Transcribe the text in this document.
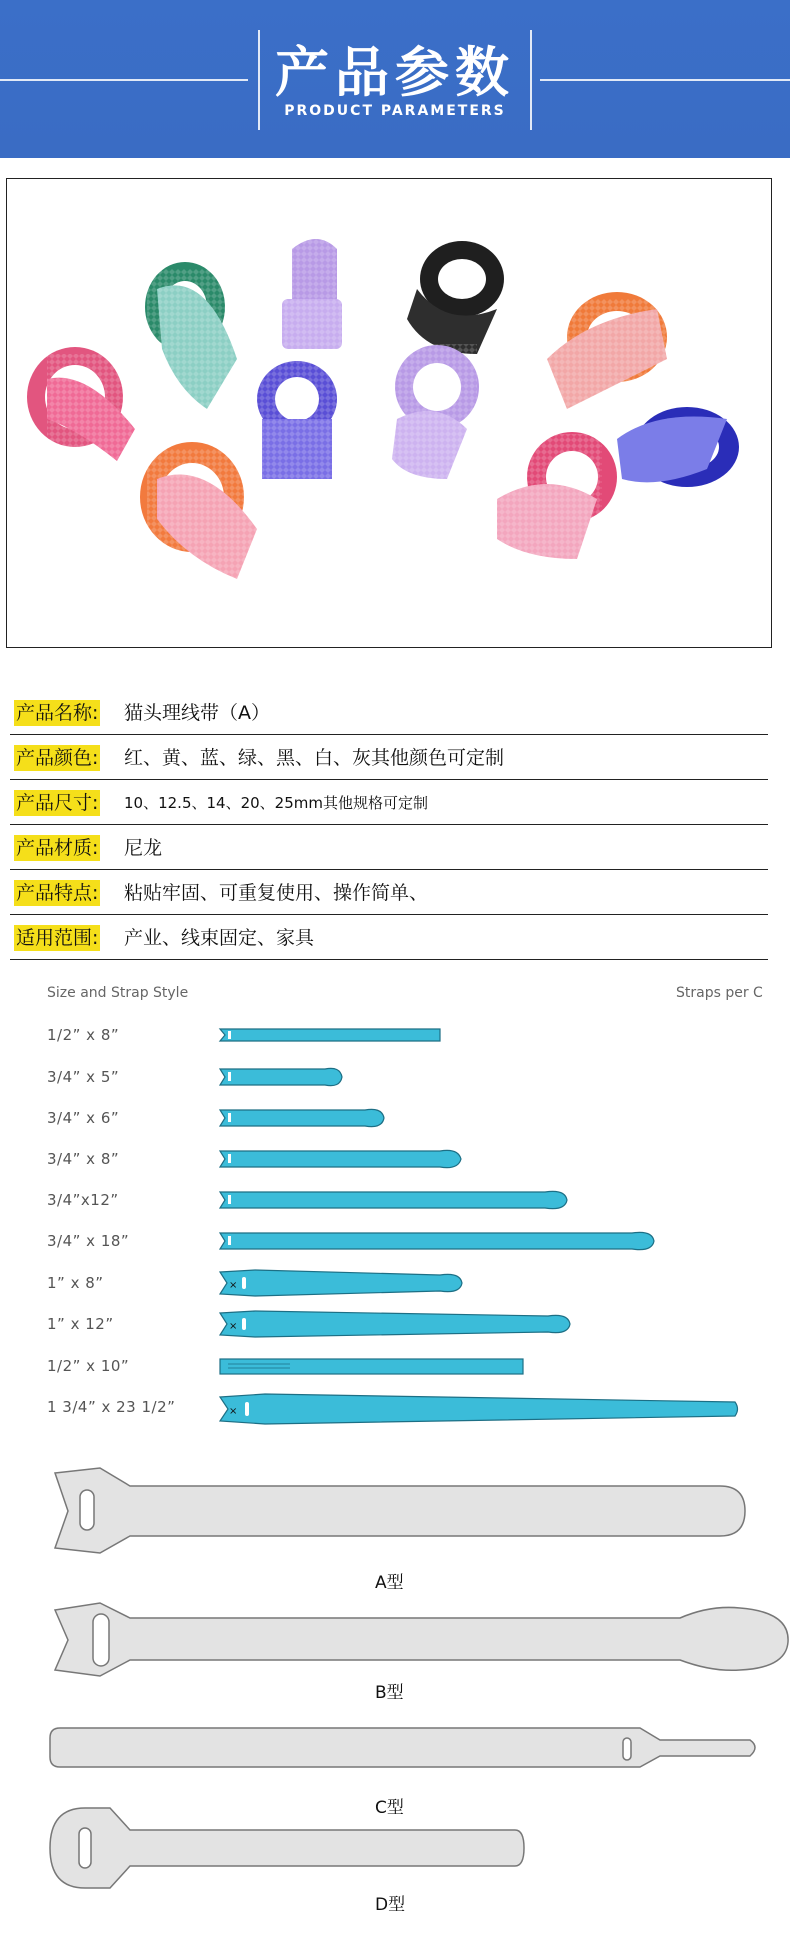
产品参数
PRODUCT PARAMETERS
产品名称: 猫头理线带（A）
产品颜色: 红、黄、蓝、绿、黑、白、灰其他颜色可定制
产品尺寸: 10、12.5、14、20、25mm其他规格可定制
产品材质: 尼龙
产品特点: 粘贴牢固、可重复使用、操作简单、
适用范围: 产业、线束固定、家具
Size and Strap Style	Straps per C
1/2” x 8”
3/4” x 5”
3/4” x 6”
3/4” x 8”
3/4”x12”
3/4” x 18”
1” x 8”
1” x 12”
1/2” x 10”
1 3/4” x 23 1/2”
×
×
×
A型
B型
C型
D型
